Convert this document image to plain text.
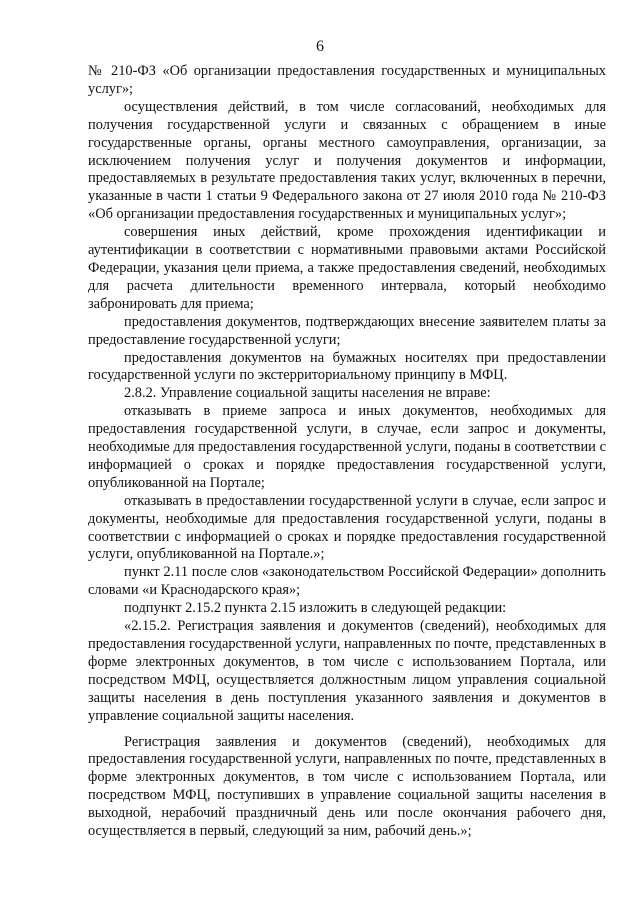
6

№ 210-ФЗ «Об организации предоставления государственных и муниципальных услуг»;

осуществления действий, в том числе согласований, необходимых для получения государственной услуги и связанных с обращением в иные государственные органы, органы местного самоуправления, организации, за исключением получения услуг и получения документов и информации, предоставляемых в результате предоставления таких услуг, включенных в перечни, указанные в части 1 статьи 9 Федерального закона от 27 июля 2010 года № 210-ФЗ «Об организации предоставления государственных и муниципальных услуг»;

совершения иных действий, кроме прохождения идентификации и аутентификации в соответствии с нормативными правовыми актами Российской Федерации, указания цели приема, а также предоставления сведений, необходимых для расчета длительности временного интервала, который необходимо забронировать для приема;

предоставления документов, подтверждающих внесение заявителем платы за предоставление государственной услуги;

предоставления документов на бумажных носителях при предоставлении государственной услуги по экстерриториальному принципу в МФЦ.

2.8.2. Управление социальной защиты населения не вправе:

отказывать в приеме запроса и иных документов, необходимых для предоставления государственной услуги, в случае, если запрос и документы, необходимые для предоставления государственной услуги, поданы в соответствии с информацией о сроках и порядке предоставления государственной услуги, опубликованной на Портале;

отказывать в предоставлении государственной услуги в случае, если запрос и документы, необходимые для предоставления государственной услуги, поданы в соответствии с информацией о сроках и порядке предоставления государственной услуги, опубликованной на Портале.»;

пункт 2.11 после слов «законодательством Российской Федерации» дополнить словами «и Краснодарского края»;

подпункт 2.15.2 пункта 2.15 изложить в следующей редакции:

«2.15.2. Регистрация заявления и документов (сведений), необходимых для предоставления государственной услуги, направленных по почте, представленных в форме электронных документов, в том числе с использованием Портала, или посредством МФЦ, осуществляется должностным лицом управления социальной защиты населения в день поступления указанного заявления и документов в управление социальной защиты населения.

Регистрация заявления и документов (сведений), необходимых для предоставления государственной услуги, направленных по почте, представленных в форме электронных документов, в том числе с использованием Портала, или посредством МФЦ, поступивших в управление социальной защиты населения в выходной, нерабочий праздничный день или после окончания рабочего дня, осуществляется в первый, следующий за ним, рабочий день.»;
